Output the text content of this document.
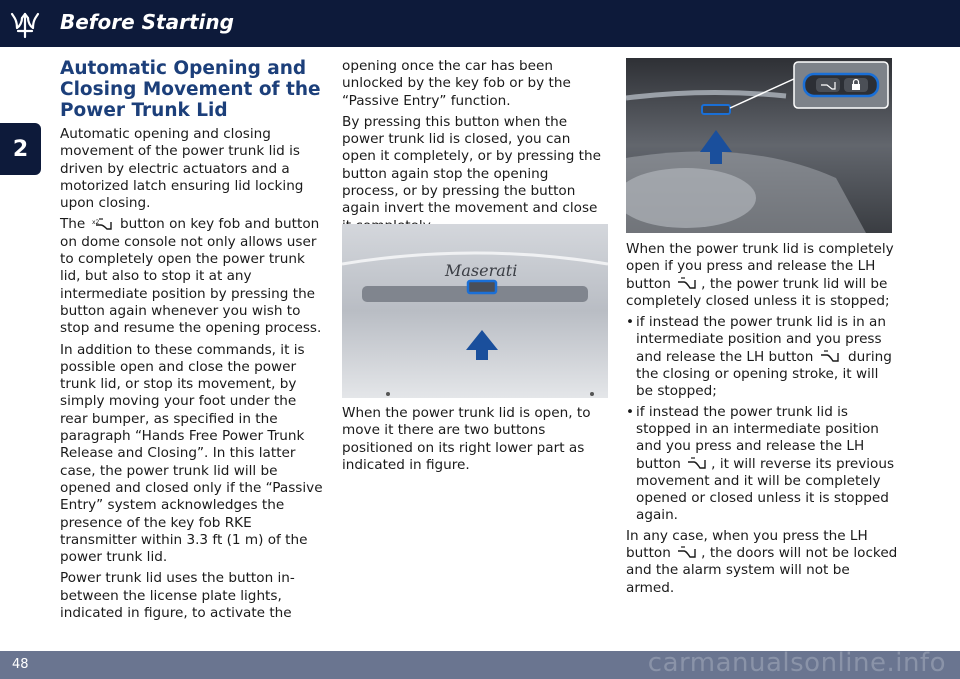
Before Starting
2
Automatic Opening and Closing Movement of the Power Trunk Lid

Automatic opening and closing movement of the power trunk lid is driven by electric actuators and a motorized latch ensuring lid locking upon closing.

The x2 button on key fob and button on dome console not only allows user to completely open the power trunk lid, but also to stop it at any intermediate position by pressing the button again whenever you wish to stop and resume the opening process.

In addition to these commands, it is possible open and close the power trunk lid, or stop its movement, by simply moving your foot under the rear bumper, as specified in the paragraph “Hands Free Power Trunk Release and Closing”. In this latter case, the power trunk lid will be opened and closed only if the “Passive Entry” system acknowledges the presence of the key fob RKE transmitter within 3.3 ft (1 m) of the power trunk lid.

Power trunk lid uses the button in-between the license plate lights, indicated in figure, to activate the

opening once the car has been unlocked by the key fob or by the “Passive Entry” function.

By pressing this button when the power trunk lid is closed, you can open it completely, or by pressing the button again stop the opening process, or by pressing the button again invert the movement and close

Maserati

When the power trunk lid is open, to move it there are two buttons positioned on its right lower part as indicated in figure.

When the power trunk lid is completely open if you press and release the LH button , the power trunk lid will be completely closed unless it is stopped;

• if instead the power trunk lid is in an intermediate position and you press and release the LH button	during the closing or opening stroke, it will be stopped;
• if instead the power trunk lid is stopped in an intermediate position and you press and release the LH button , it will reverse its previous movement and it will be completely opened or closed unless it is stopped again.

In any case, when you press the LH button , the doors will not be locked and the alarm system will not be armed.

48	carmanualsonline.info
